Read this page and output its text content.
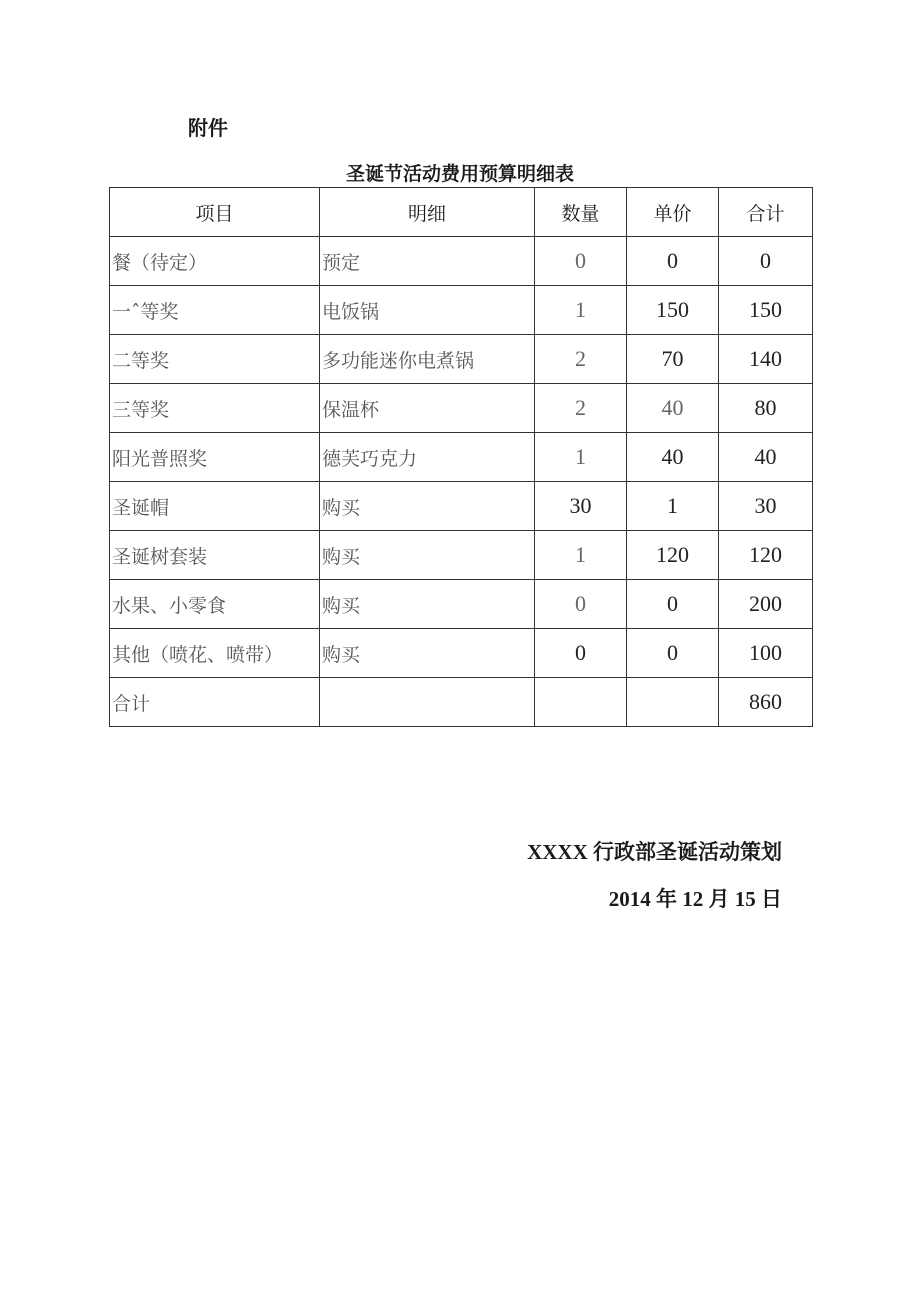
附件
圣诞节活动费用预算明细表
项目	明细	数量	单价	合计
餐（待定）	预定	0	0	0
一ˆ等奖	电饭锅	1	150	150
二等奖	多功能迷你电煮锅	2	70	140
三等奖	保温杯	2	40	80
阳光普照奖	德芙巧克力	1	40	40
圣诞帽	购买	30	1	30
圣诞树套装	购买	1	120	120
水果、小零食	购买	0	0	200
其他（喷花、喷带）	购买	0	0	100
合计				860
XXXX 行政部圣诞活动策划
2014 年 12 月 15 日
